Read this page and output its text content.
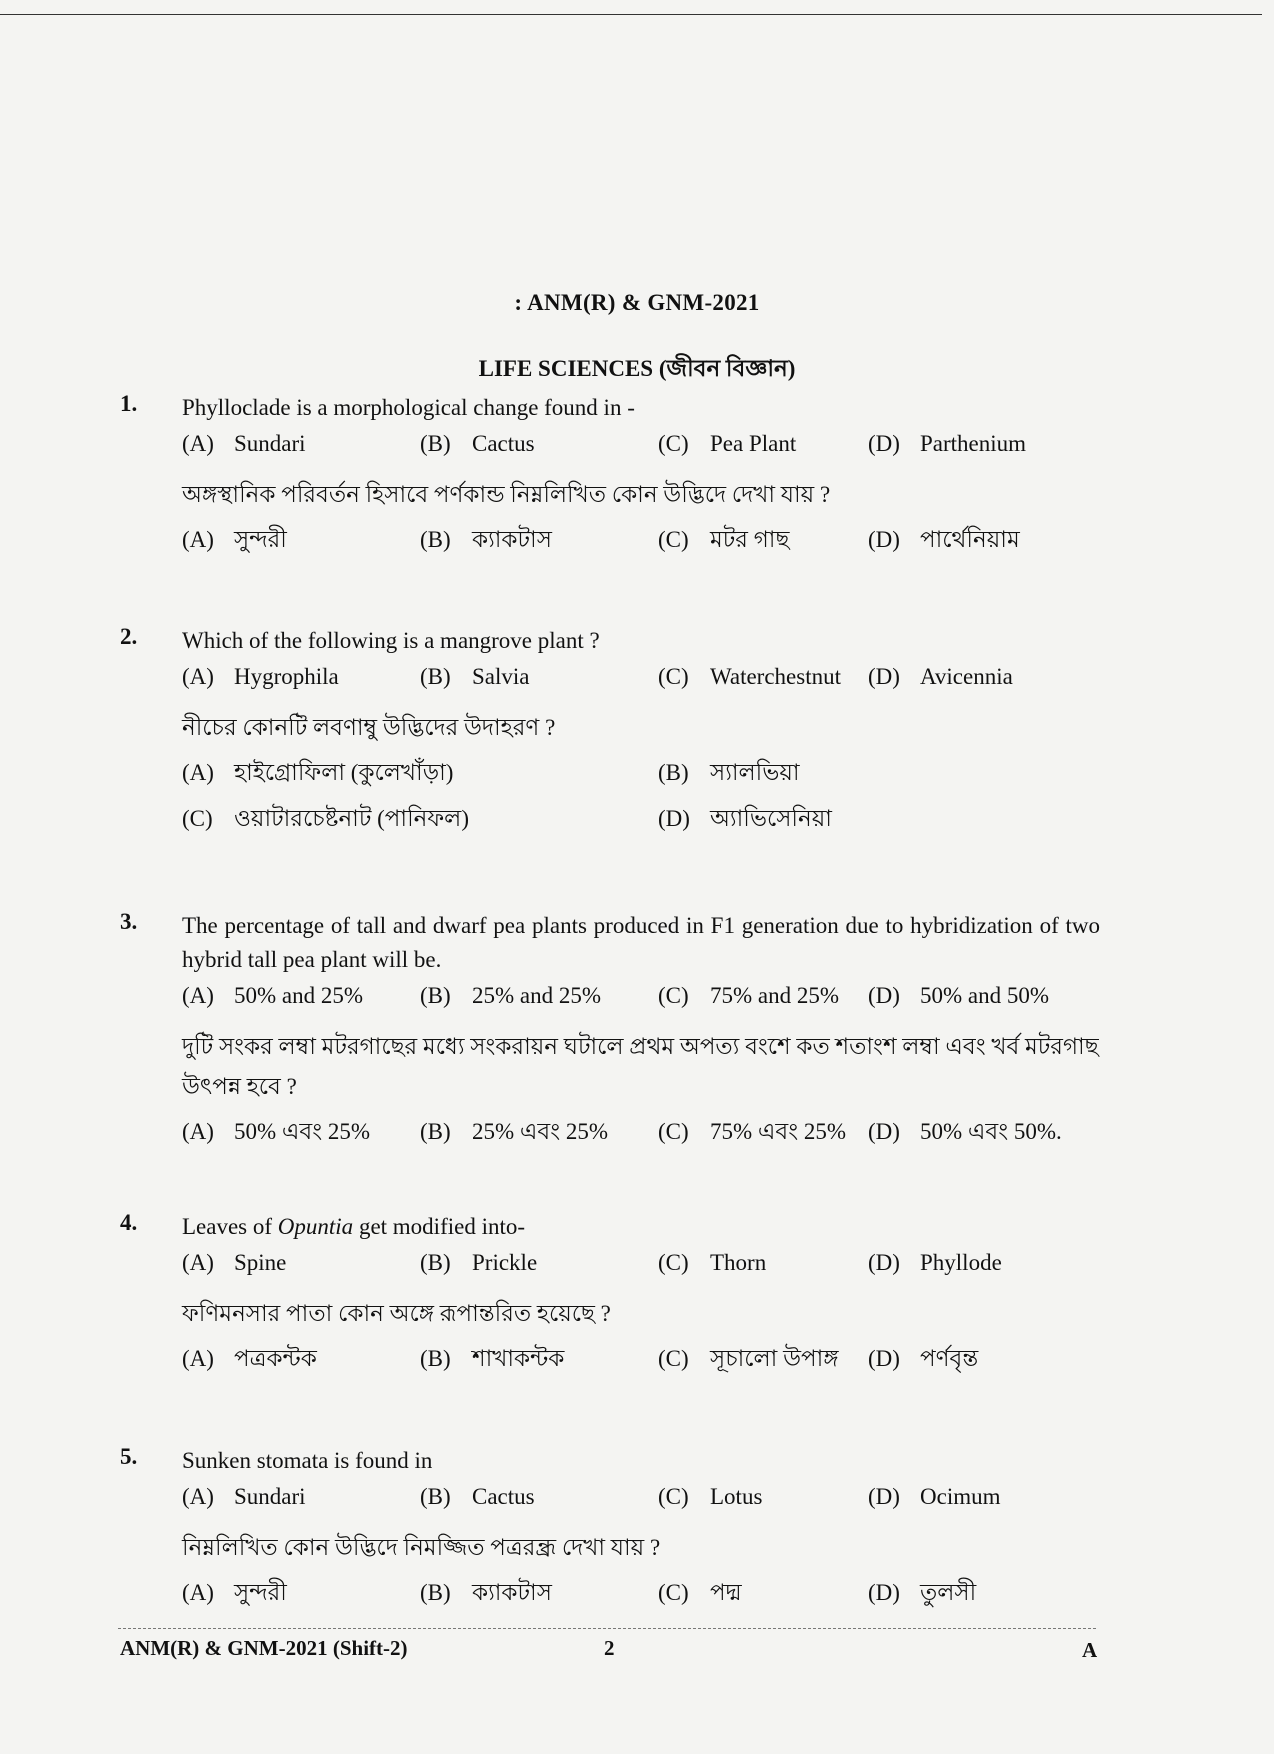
: ANM(R) & GNM-2021
LIFE SCIENCES (জীবন বিজ্ঞান)
1. Phylloclade is a morphological change found in -
(A) Sundari	(B) Cactus	(C) Pea Plant	(D) Parthenium
অঙ্গস্থানিক পরিবর্তন হিসাবে পর্ণকান্ড নিম্নলিখিত কোন উদ্ভিদে দেখা যায় ?
(A) সুন্দরী	(B) ক্যাকটাস	(C) মটর গাছ	(D) পার্থেনিয়াম
2. Which of the following is a mangrove plant ?
(A) Hygrophila	(B) Salvia	(C) Waterchestnut (D) Avicennia
নীচের কোনটি লবণাম্বু উদ্ভিদের উদাহরণ ?
(A) হাইগ্রোফিলা (কুলেখাঁড়া)	(B) স্যালভিয়া
(C) ওয়াটারচেষ্টনাট (পানিফল)	(D) অ্যাভিসেনিয়া
3. The percentage of tall and dwarf pea plants produced in F1 generation due to hybridization of two hybrid tall pea plant will be.
(A) 50% and 25% (B) 25% and 25% (C) 75% and 25% (D) 50% and 50%
দুটি সংকর লম্বা মটরগাছের মধ্যে সংকরায়ন ঘটালে প্রথম অপত্য বংশে কত শতাংশ লম্বা এবং খর্ব মটরগাছ উৎপন্ন হবে ?
(A) 50% এবং 25% (B) 25% এবং 25% (C) 75% এবং 25% (D) 50% এবং 50%.
4. Leaves of Opuntia get modified into-
(A) Spine	(B) Prickle	(C) Thorn	(D) Phyllode
ফণিমনসার পাতা কোন অঙ্গে রূপান্তরিত হয়েছে ?
(A) পত্রকন্টক	(B) শাখাকন্টক	(C) সূচালো উপাঙ্গ (D) পর্ণবৃন্ত
5. Sunken stomata is found in
(A) Sundari	(B) Cactus	(C) Lotus	(D) Ocimum
নিম্নলিখিত কোন উদ্ভিদে নিমজ্জিত পত্ররন্ধ্র দেখা যায় ?
(A) সুন্দরী	(B) ক্যাকটাস	(C) পদ্ম	(D) তুলসী
ANM(R) & GNM-2021 (Shift-2)	2	A
